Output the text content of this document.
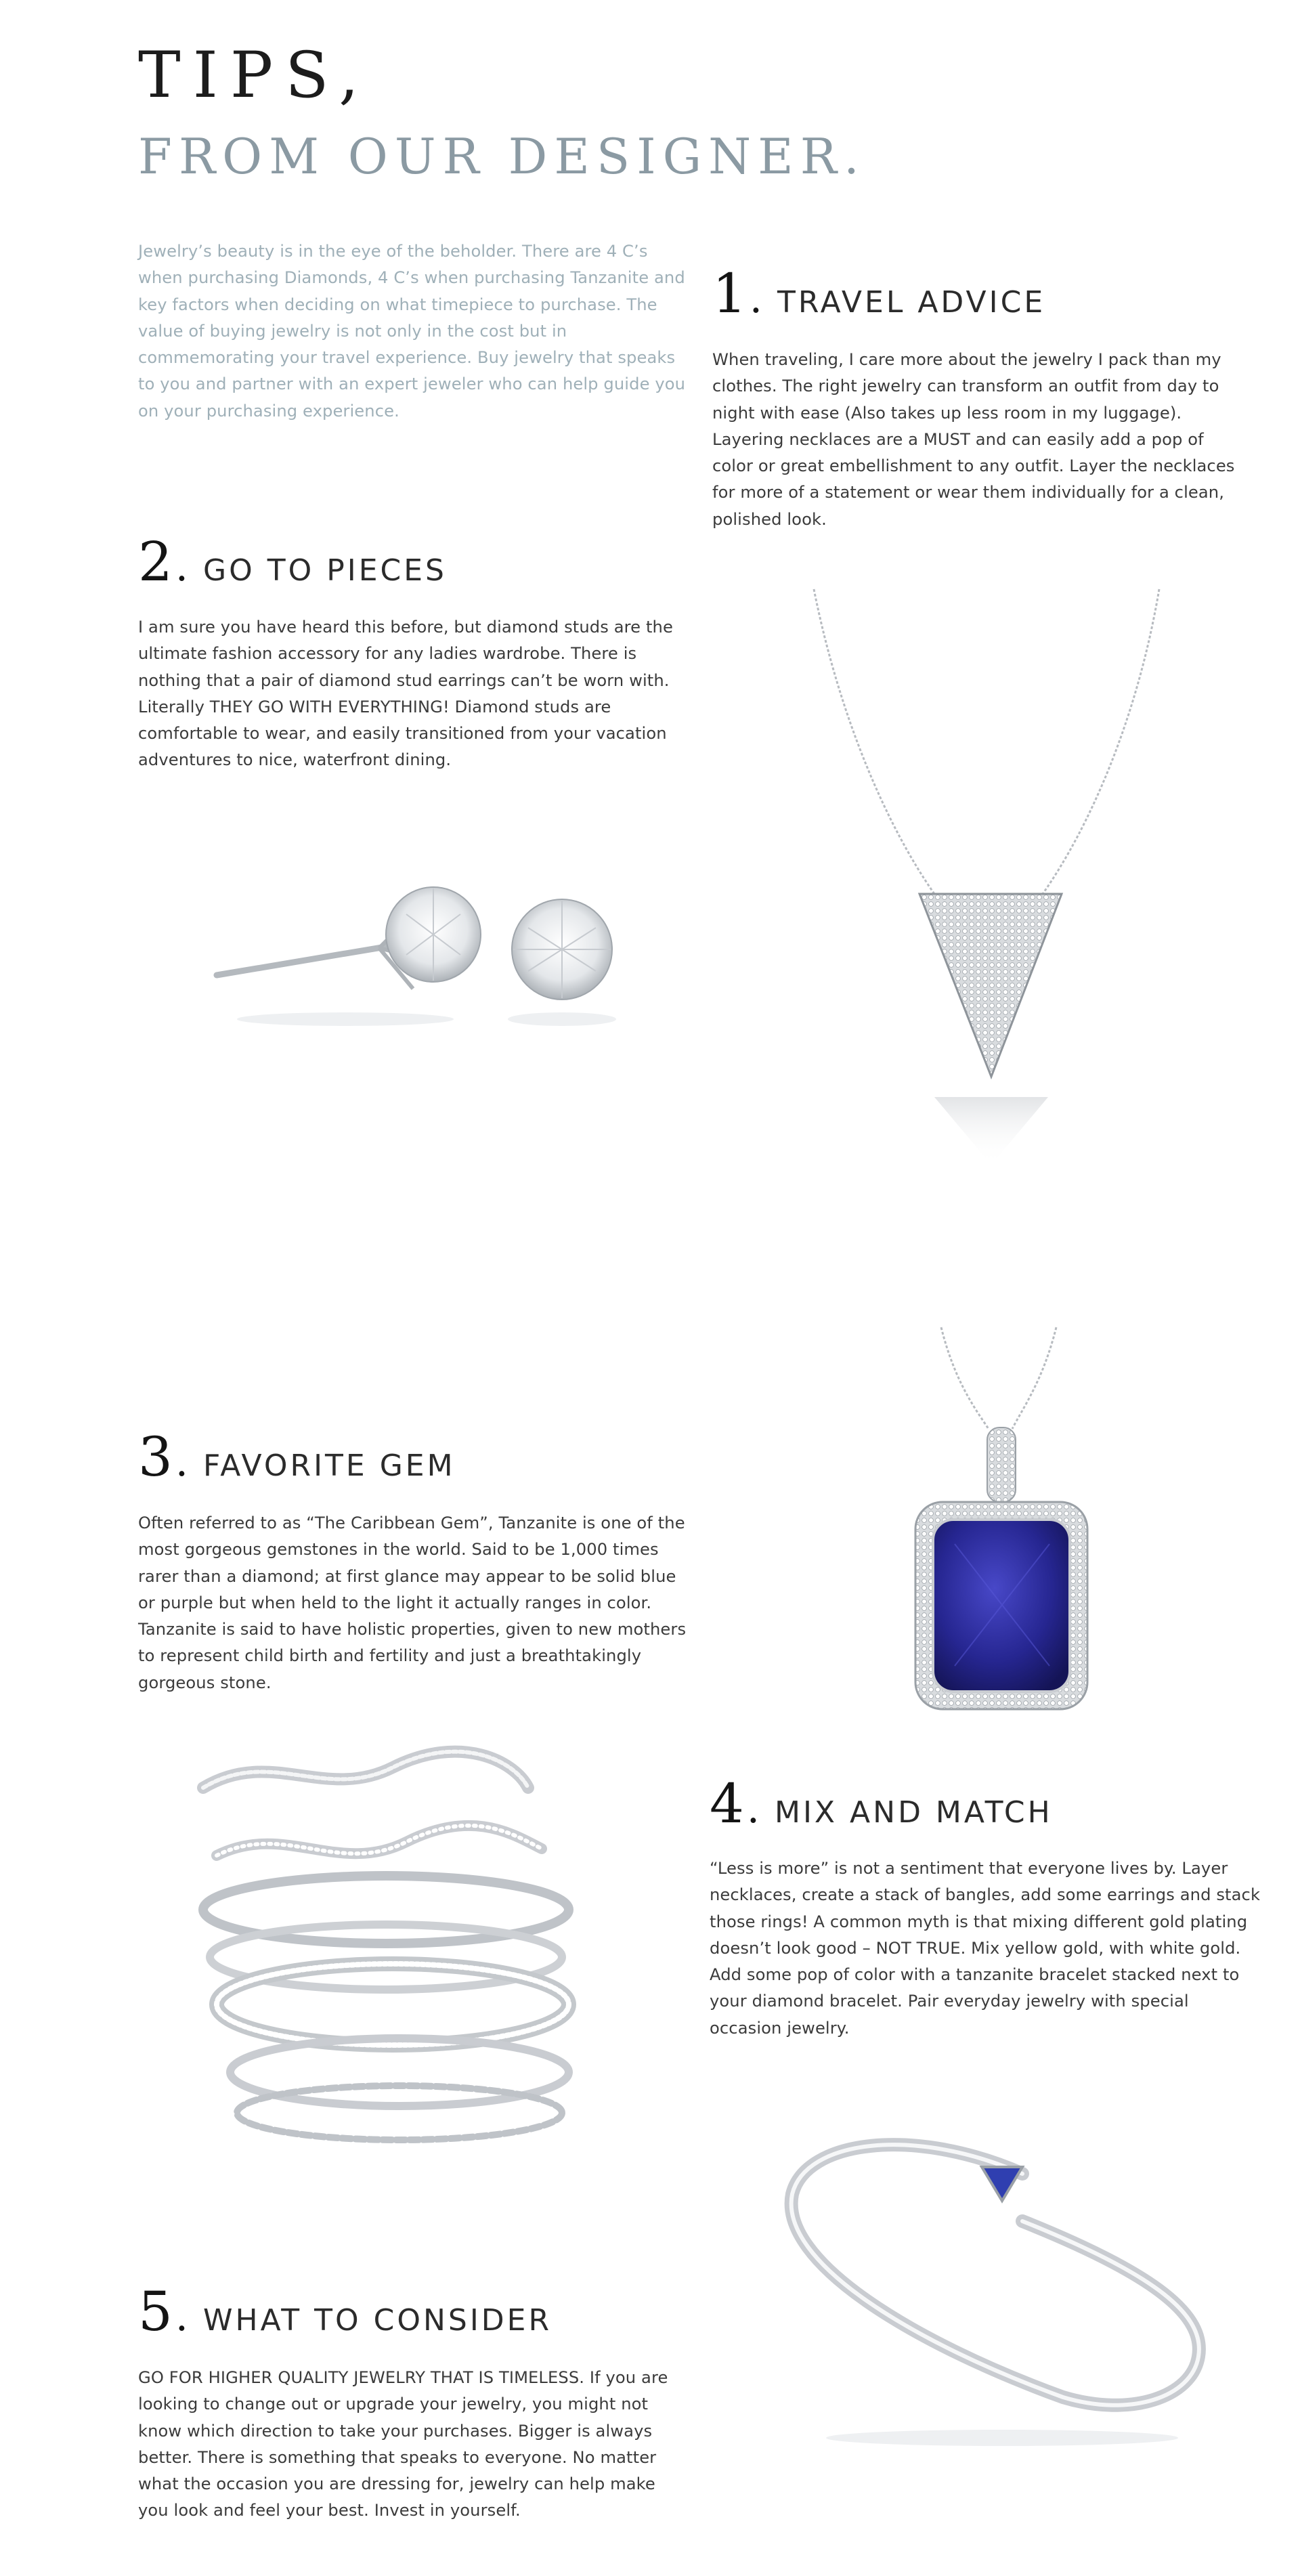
TIPS,
FROM OUR DESIGNER.

Jewelry’s beauty is in the eye of the beholder. There are 4 C’s when purchasing Diamonds, 4 C’s when purchasing Tanzanite and key factors when deciding on what timepiece to purchase. The value of buying jewelry is not only in the cost but in commemorating your travel experience. Buy jewelry that speaks to you and partner with an expert jeweler who can help guide you on your purchasing experience.

1. TRAVEL ADVICE

When traveling, I care more about the jewelry I pack than my clothes. The right jewelry can transform an outfit from day to night with ease (Also takes up less room in my luggage). Layering necklaces are a MUST and can easily add a pop of color or great embellishment to any outfit. Layer the necklaces for more of a statement or wear them individually for a clean, polished look.

2. GO TO PIECES

I am sure you have heard this before, but diamond studs are the ultimate fashion accessory for any ladies wardrobe. There is nothing that a pair of diamond stud earrings can’t be worn with. Literally THEY GO WITH EVERYTHING! Diamond studs are comfortable to wear, and easily transitioned from your vacation adventures to nice, waterfront dining.

3. FAVORITE GEM

Often referred to as “The Caribbean Gem”, Tanzanite is one of the most gorgeous gemstones in the world. Said to be 1,000 times rarer than a diamond; at first glance may appear to be solid blue or purple but when held to the light it actually ranges in color. Tanzanite is said to have holistic properties, given to new mothers to represent child birth and fertility and just a breathtakingly gorgeous stone.

4. MIX AND MATCH

“Less is more” is not a sentiment that everyone lives by. Layer necklaces, create a stack of bangles, add some earrings and stack those rings! A common myth is that mixing different gold plating doesn’t look good – NOT TRUE. Mix yellow gold, with white gold. Add some pop of color with a tanzanite bracelet stacked next to your diamond bracelet. Pair everyday jewelry with special occasion jewelry.

5. WHAT TO CONSIDER

GO FOR HIGHER QUALITY JEWELRY THAT IS TIMELESS. If you are looking to change out or upgrade your jewelry, you might not know which direction to take your purchases. Bigger is always better. There is something that speaks to everyone. No matter what the occasion you are dressing for, jewelry can help make you look and feel your best. Invest in yourself.
